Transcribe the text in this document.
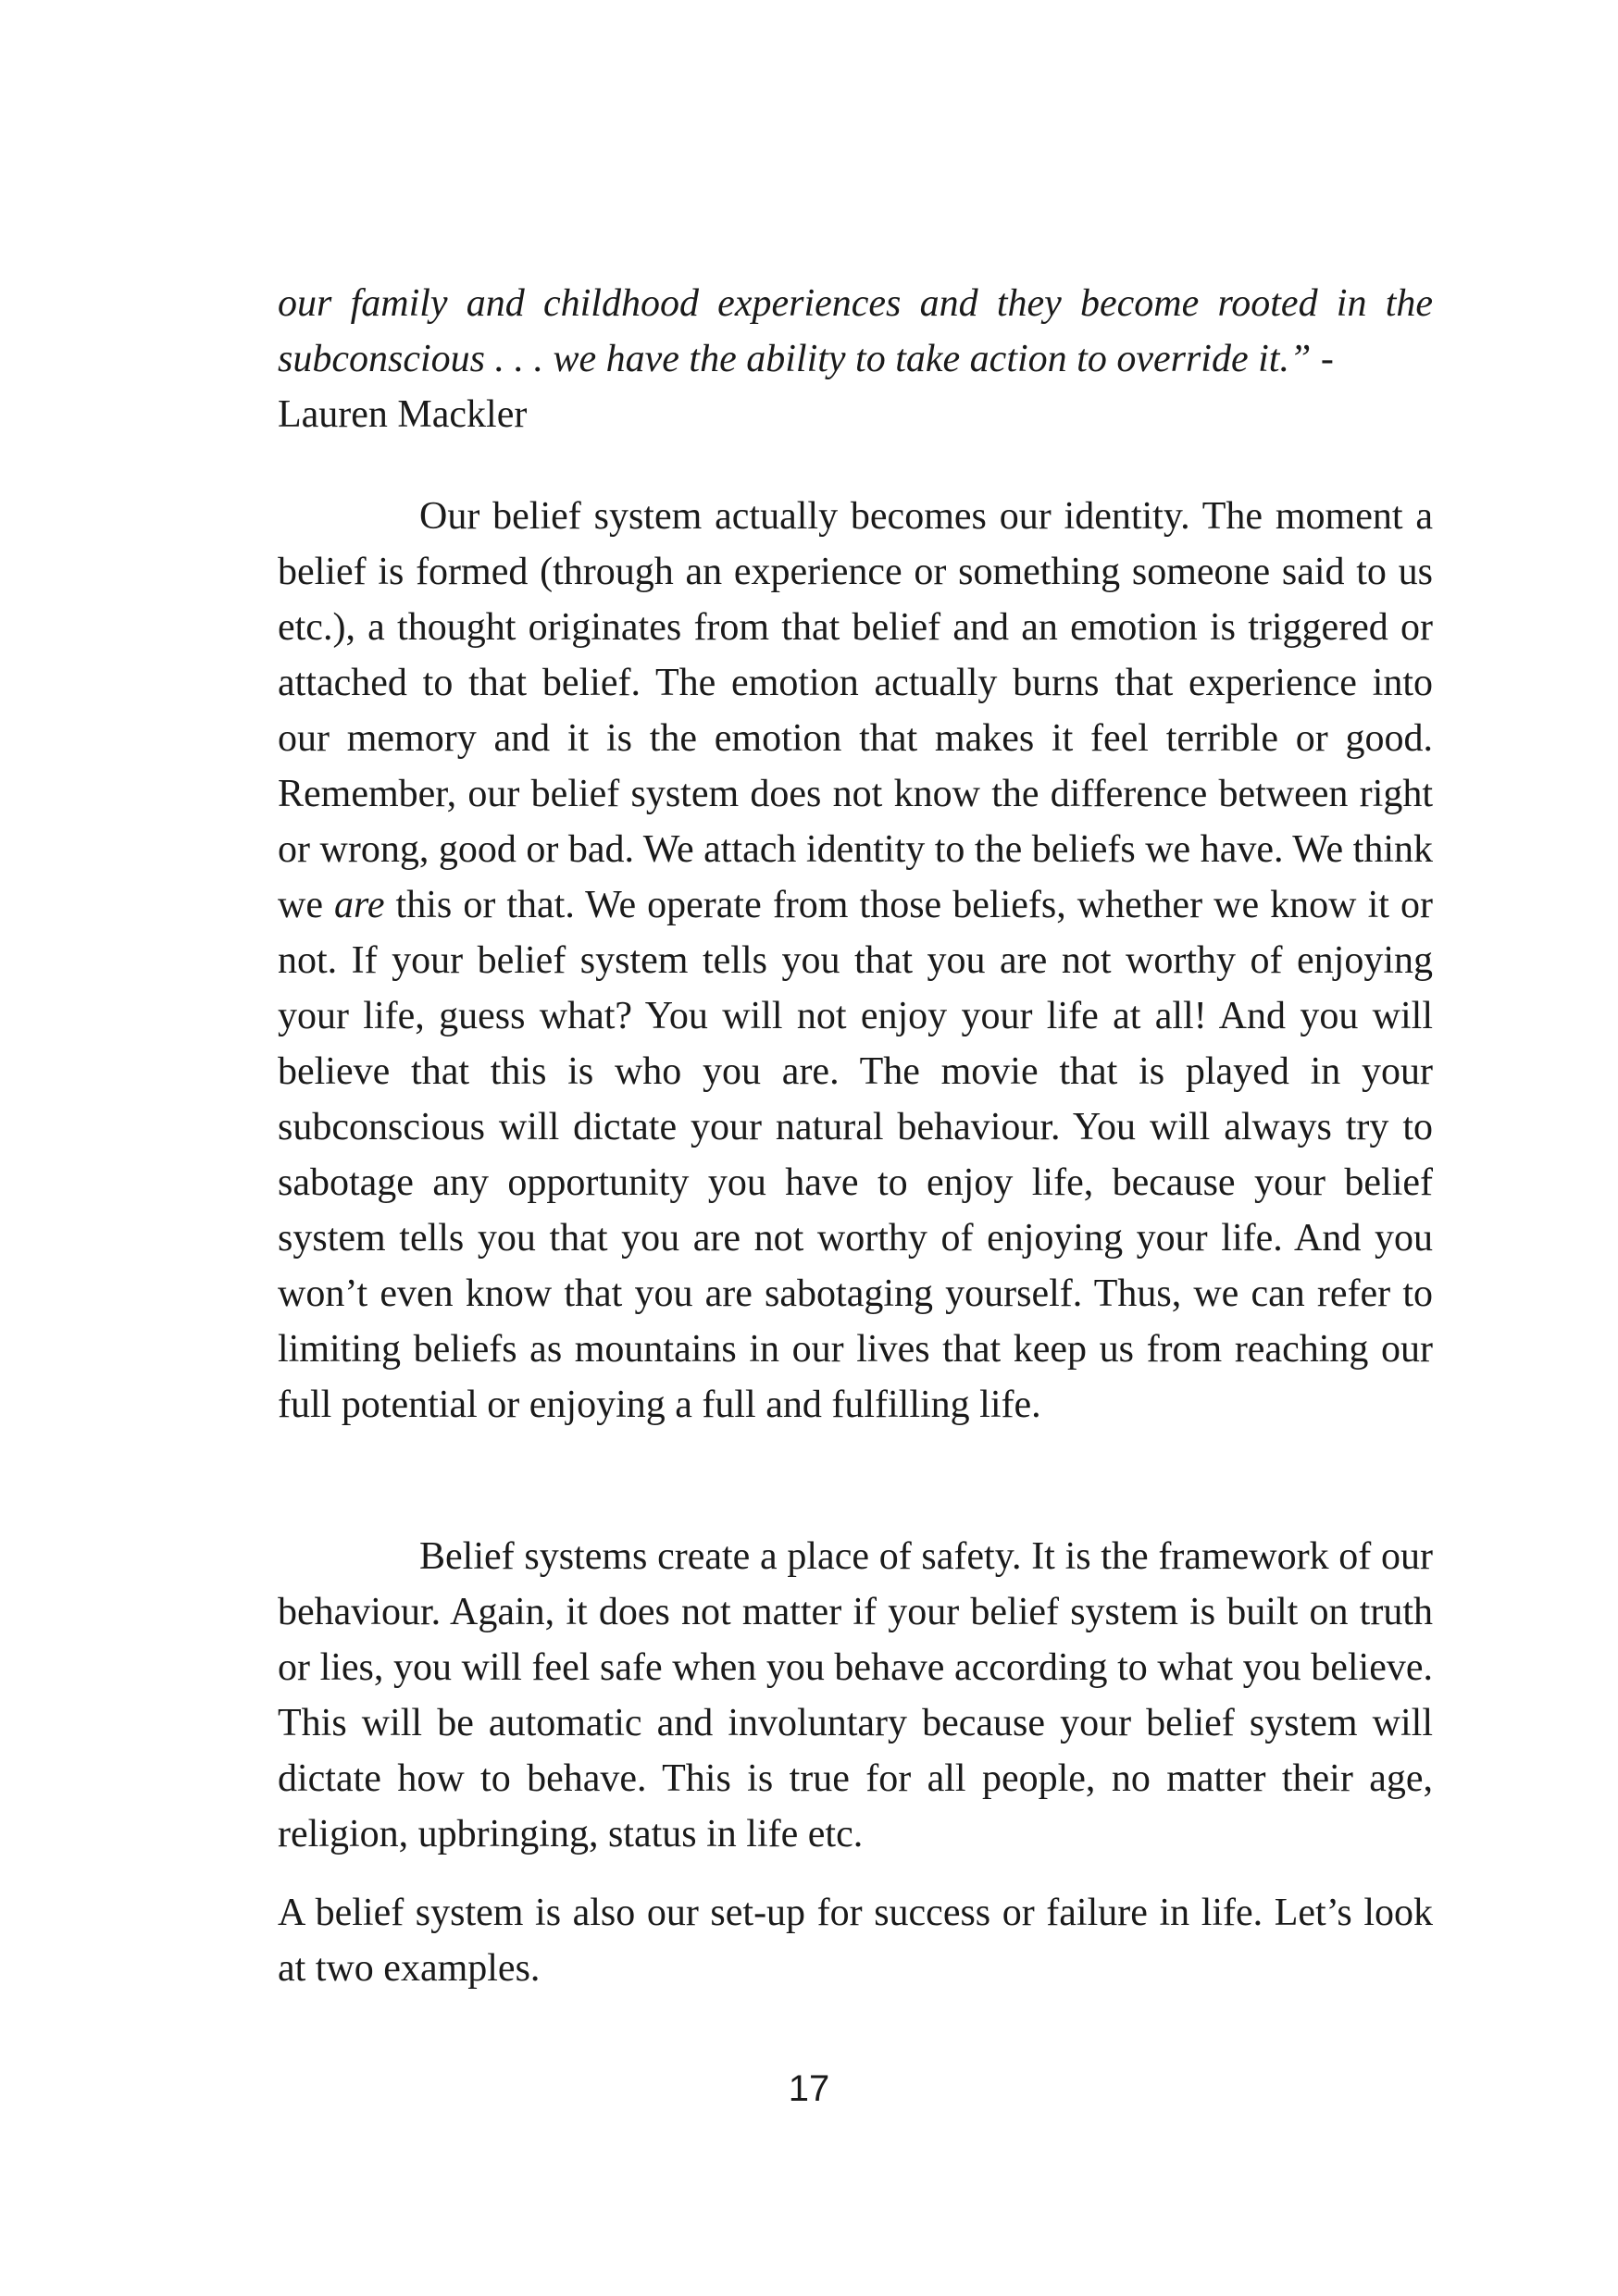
our family and childhood experiences and they become rooted in the subconscious . . . we have the ability to take action to override it.” -
Lauren Mackler

Our belief system actually becomes our identity. The moment a belief is formed (through an experience or something someone said to us etc.), a thought originates from that belief and an emotion is triggered or attached to that belief. The emotion actually burns that experience into our memory and it is the emotion that makes it feel terrible or good. Remember, our belief system does not know the difference between right or wrong, good or bad. We attach identity to the beliefs we have. We think we are this or that. We operate from those beliefs, whether we know it or not. If your belief system tells you that you are not worthy of enjoying your life, guess what? You will not enjoy your life at all! And you will believe that this is who you are. The movie that is played in your subconscious will dictate your natural behaviour. You will always try to sabotage any opportunity you have to enjoy life, because your belief system tells you that you are not worthy of enjoying your life. And you won’t even know that you are sabotaging yourself. Thus, we can refer to limiting beliefs as mountains in our lives that keep us from reaching our full potential or enjoying a full and fulfilling life.

Belief systems create a place of safety. It is the framework of our behaviour. Again, it does not matter if your belief system is built on truth or lies, you will feel safe when you behave according to what you believe. This will be automatic and involuntary because your belief system will dictate how to behave. This is true for all people, no matter their age, religion, upbringing, status in life etc.

A belief system is also our set-up for success or failure in life. Let’s look at two examples.

17
